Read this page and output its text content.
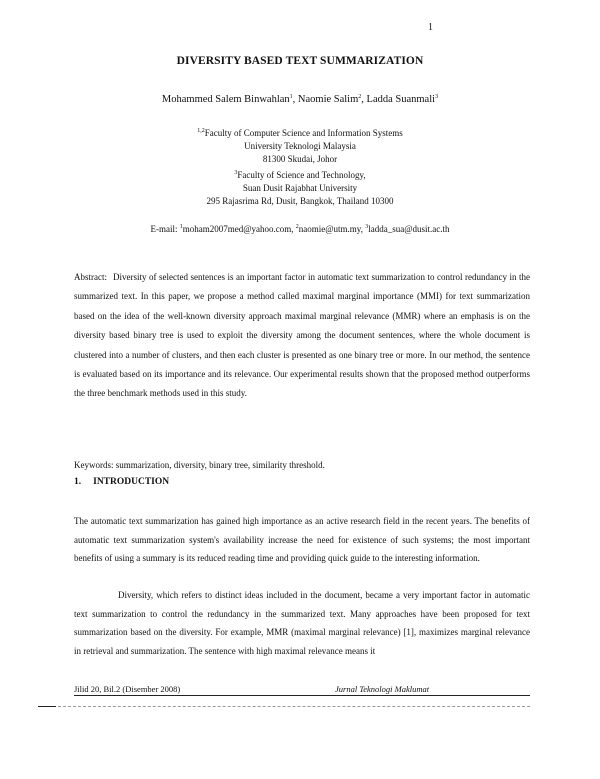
1
DIVERSITY BASED TEXT SUMMARIZATION
Mohammed Salem Binwahlan$^1$, Naomie Salim$^2$, Ladda Suanmali$^3$
$^{1,2}$Faculty of Computer Science and Information Systems
University Teknologi Malaysia
81300 Skudai, Johor
$^3$Faculty of Science and Technology,
Suan Dusit Rajabhat University
295 Rajasrima Rd, Dusit, Bangkok, Thailand 10300
E-mail: $^1$moham2007med@yahoo.com, $^2$naomie@utm.my, $^3$ladda_sua@dusit.ac.th
Abstract: Diversity of selected sentences is an important factor in automatic text summarization to control redundancy in the summarized text. In this paper, we propose a method called maximal marginal importance (MMI) for text summarization based on the idea of the well-known diversity approach maximal marginal relevance (MMR) where an emphasis is on the diversity based binary tree is used to exploit the diversity among the document sentences, where the whole document is clustered into a number of clusters, and then each cluster is presented as one binary tree or more. In our method, the sentence is evaluated based on its importance and its relevance. Our experimental results shown that the proposed method outperforms the three benchmark methods used in this study.
Keywords: summarization, diversity, binary tree, similarity threshold.
1. INTRODUCTION
The automatic text summarization has gained high importance as an active research field in the recent years. The benefits of automatic text summarization system's availability increase the need for existence of such systems; the most important benefits of using a summary is its reduced reading time and providing quick guide to the interesting information.
Diversity, which refers to distinct ideas included in the document, became a very important factor in automatic text summarization to control the redundancy in the summarized text. Many approaches have been proposed for text summarization based on the diversity. For example, MMR (maximal marginal relevance) [1], maximizes marginal relevance in retrieval and summarization. The sentence with high maximal relevance means it
Jilid 20, Bil.2 (Disember 2008)	Jurnal Teknologi Maklumat
